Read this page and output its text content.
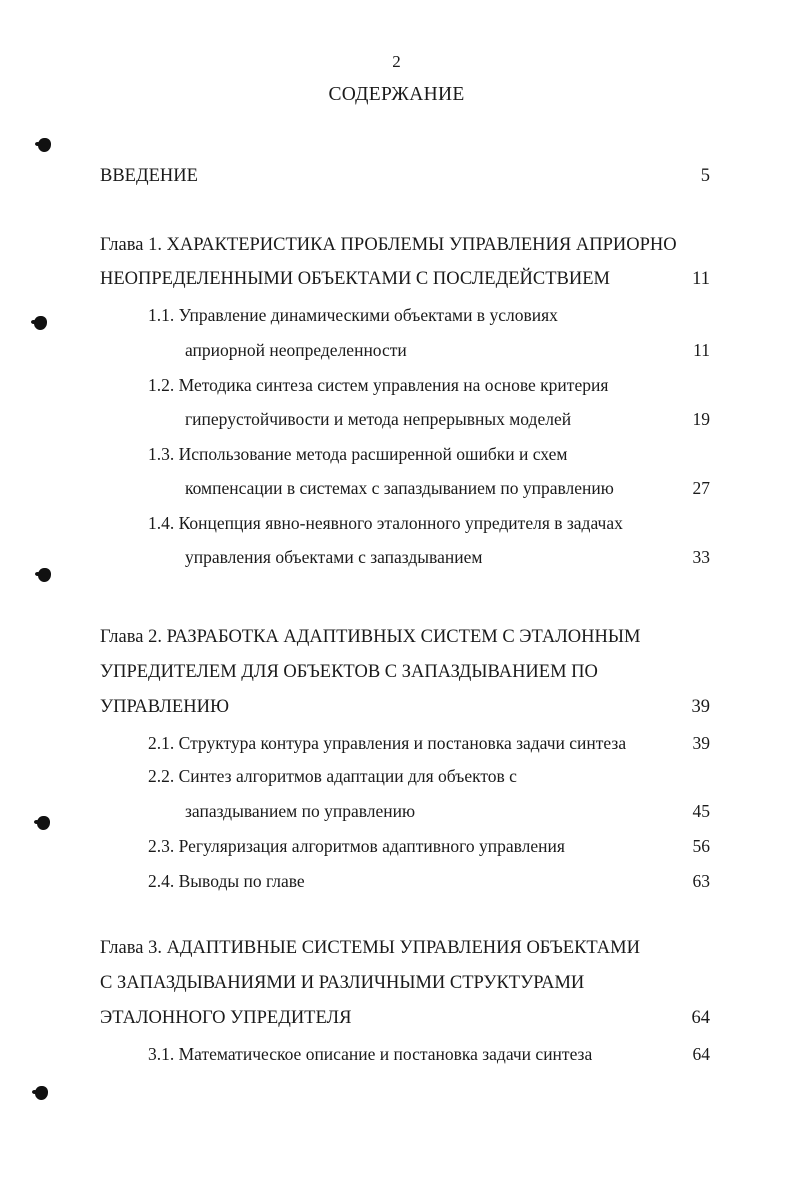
2
СОДЕРЖАНИЕ
ВВЕДЕНИЕ	5
Глава 1. ХАРАКТЕРИСТИКА ПРОБЛЕМЫ УПРАВЛЕНИЯ АПРИОРНО
НЕОПРЕДЕЛЕННЫМИ ОБЪЕКТАМИ С ПОСЛЕДЕЙСТВИЕМ	11
1.1. Управление динамическими объектами в условиях
априорной неопределенности	11
1.2. Методика синтеза систем управления на основе критерия
гиперустойчивости и метода непрерывных моделей	19
1.3. Использование метода расширенной ошибки и схем
компенсации в системах с запаздыванием по управлению	27
1.4. Концепция явно-неявного эталонного упредителя в задачах
управления объектами с запаздыванием	33
Глава 2. РАЗРАБОТКА АДАПТИВНЫХ СИСТЕМ С ЭТАЛОННЫМ
УПРЕДИТЕЛЕМ ДЛЯ ОБЪЕКТОВ С ЗАПАЗДЫВАНИЕМ ПО
УПРАВЛЕНИЮ	39
2.1. Структура контура управления и постановка задачи синтеза	39
2.2. Синтез алгоритмов адаптации для объектов с
запаздыванием по управлению	45
2.3. Регуляризация алгоритмов адаптивного управления	56
2.4. Выводы по главе	63
Глава 3. АДАПТИВНЫЕ СИСТЕМЫ УПРАВЛЕНИЯ ОБЪЕКТАМИ
С ЗАПАЗДЫВАНИЯМИ И РАЗЛИЧНЫМИ СТРУКТУРАМИ
ЭТАЛОННОГО УПРЕДИТЕЛЯ	64
3.1. Математическое описание и постановка задачи синтеза	64
